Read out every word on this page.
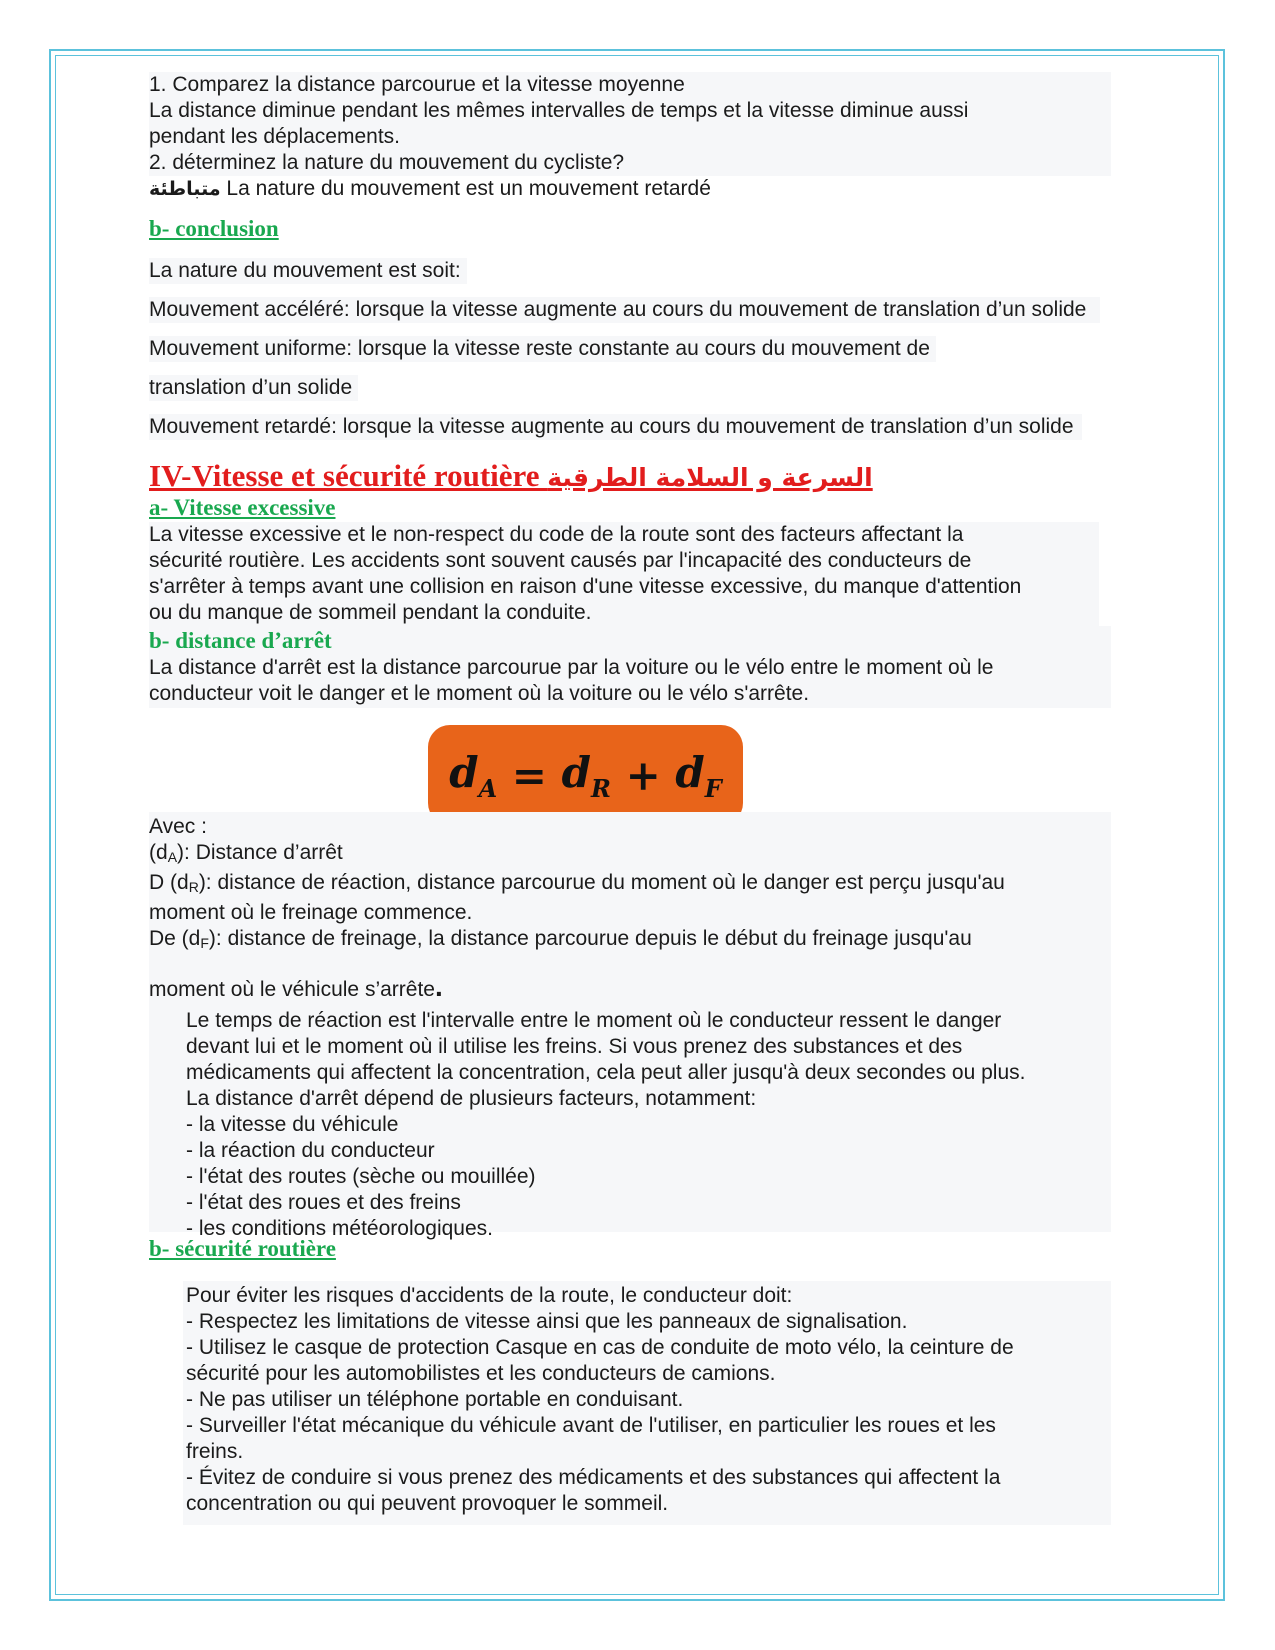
1. Comparez la distance parcourue et la vitesse moyenne
La distance diminue pendant les mêmes intervalles de temps et la vitesse diminue aussi
pendant les déplacements.
2. déterminez la nature du mouvement du cycliste?
متباطئة La nature du mouvement est un mouvement retardé
b- conclusion
La nature du mouvement est soit:
Mouvement accéléré: lorsque la vitesse augmente au cours du mouvement de translation d’un solide
Mouvement uniforme: lorsque la vitesse reste constante au cours du mouvement de
translation d’un solide
Mouvement retardé: lorsque la vitesse augmente au cours du mouvement de translation d’un solide
IV-Vitesse et sécurité routière السرعة و السلامة الطرقية
a- Vitesse excessive
La vitesse excessive et le non-respect du code de la route sont des facteurs affectant la
sécurité routière. Les accidents sont souvent causés par l'incapacité des conducteurs de
s'arrêter à temps avant une collision en raison d'une vitesse excessive, du manque d'attention
ou du manque de sommeil pendant la conduite.
b- distance d’arrêt
La distance d'arrêt est la distance parcourue par la voiture ou le vélo entre le moment où le
conducteur voit le danger et le moment où la voiture ou le vélo s'arrête.
$d_A = d_R + d_F$
Avec :
(dA): Distance d’arrêt
D (dR): distance de réaction, distance parcourue du moment où le danger est perçu jusqu'au
moment où le freinage commence.
De (dF): distance de freinage, la distance parcourue depuis le début du freinage jusqu'au
moment où le véhicule s’arrête.
Le temps de réaction est l'intervalle entre le moment où le conducteur ressent le danger
devant lui et le moment où il utilise les freins. Si vous prenez des substances et des
médicaments qui affectent la concentration, cela peut aller jusqu'à deux secondes ou plus.
La distance d'arrêt dépend de plusieurs facteurs, notamment:
- la vitesse du véhicule
- la réaction du conducteur
- l'état des routes (sèche ou mouillée)
- l'état des roues et des freins
- les conditions météorologiques.
b- sécurité routière
Pour éviter les risques d'accidents de la route, le conducteur doit:
- Respectez les limitations de vitesse ainsi que les panneaux de signalisation.
- Utilisez le casque de protection Casque en cas de conduite de moto vélo, la ceinture de
sécurité pour les automobilistes et les conducteurs de camions.
- Ne pas utiliser un téléphone portable en conduisant.
- Surveiller l'état mécanique du véhicule avant de l'utiliser, en particulier les roues et les
freins.
- Évitez de conduire si vous prenez des médicaments et des substances qui affectent la
concentration ou qui peuvent provoquer le sommeil.
